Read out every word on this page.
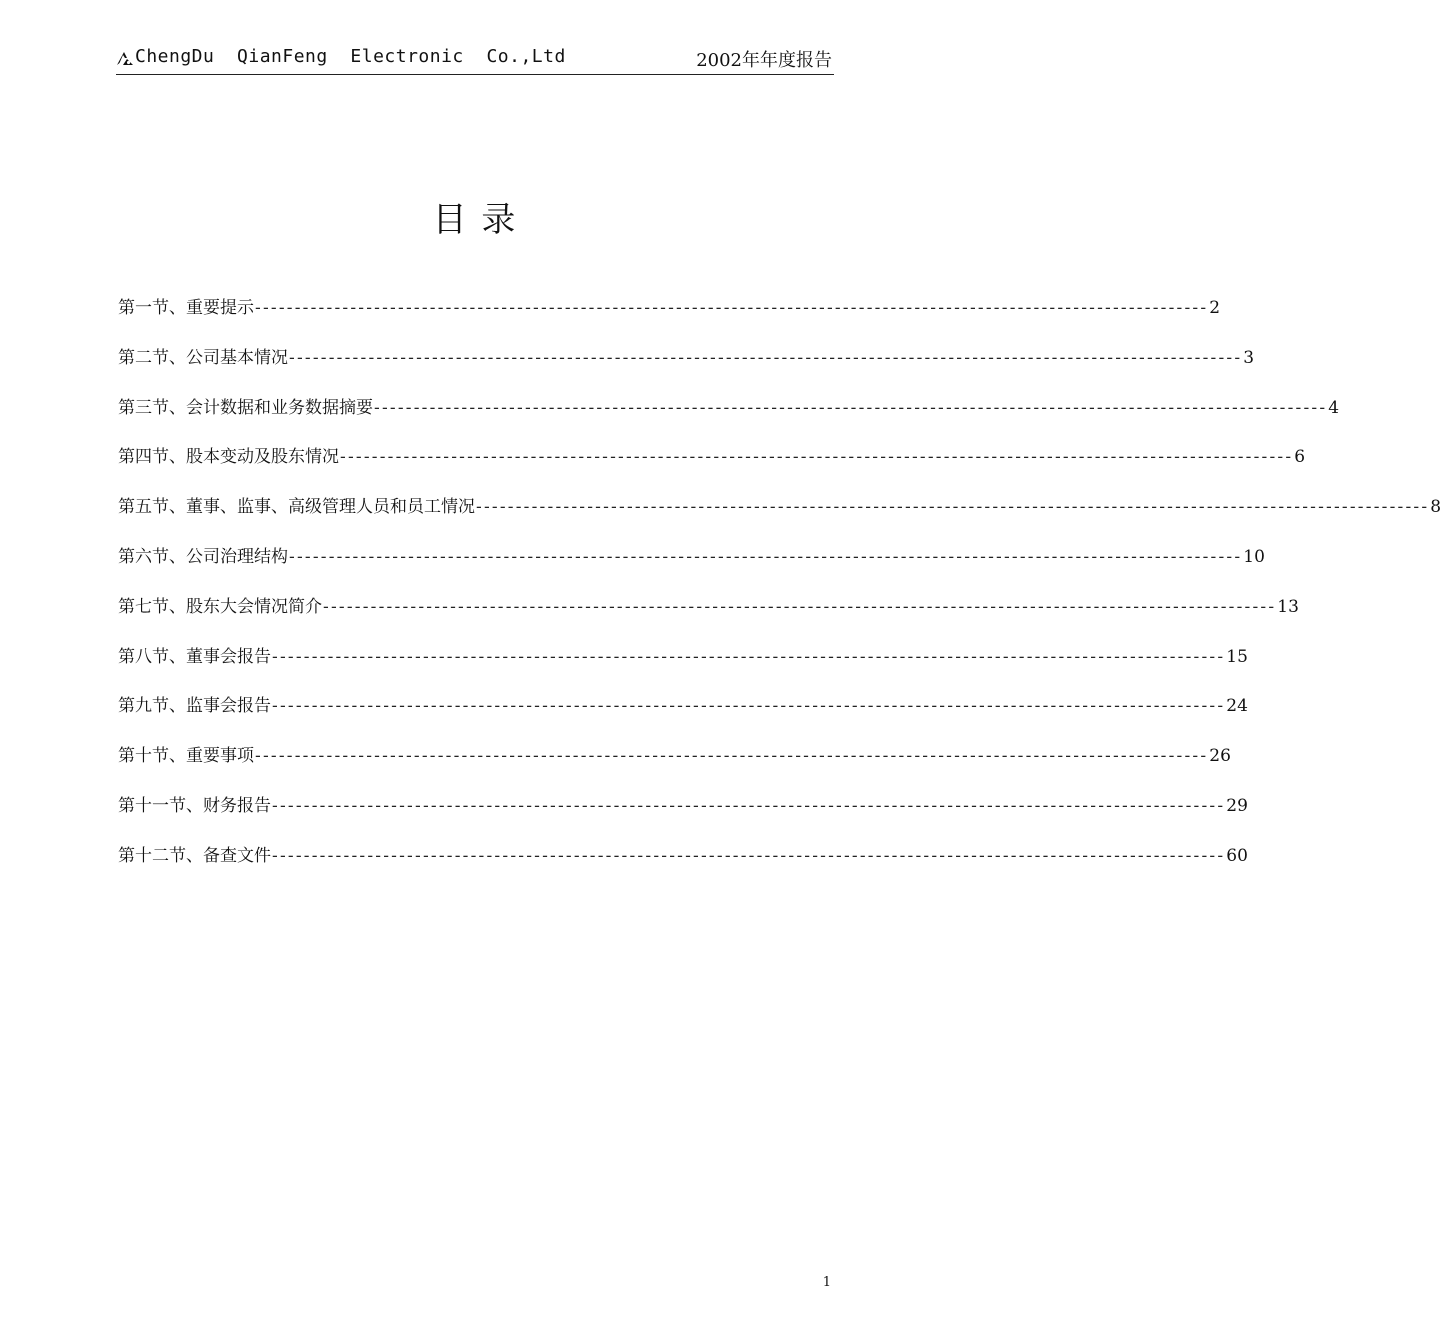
ChengDu  QianFeng  Electronic  Co.,Ltd	2002年年度报告
目 录
第一节、重要提示 ------------------------------------------------------------------------------------------------------------------------ 2
第二节、公司基本情况 ------------------------------------------------------------------------------------------------------------------------ 3
第三节、会计数据和业务数据摘要 ------------------------------------------------------------------------------------------------------------------------ 4
第四节、股本变动及股东情况 ------------------------------------------------------------------------------------------------------------------------ 6
第五节、董事、监事、高级管理人员和员工情况 ------------------------------------------------------------------------------------------------------------------------ 8
第六节、公司治理结构 ------------------------------------------------------------------------------------------------------------------------ 10
第七节、股东大会情况简介 ------------------------------------------------------------------------------------------------------------------------ 13
第八节、董事会报告 ------------------------------------------------------------------------------------------------------------------------ 15
第九节、监事会报告 ------------------------------------------------------------------------------------------------------------------------ 24
第十节、重要事项 ------------------------------------------------------------------------------------------------------------------------ 26
第十一节、财务报告 ------------------------------------------------------------------------------------------------------------------------ 29
第十二节、备查文件 ------------------------------------------------------------------------------------------------------------------------ 60
1
